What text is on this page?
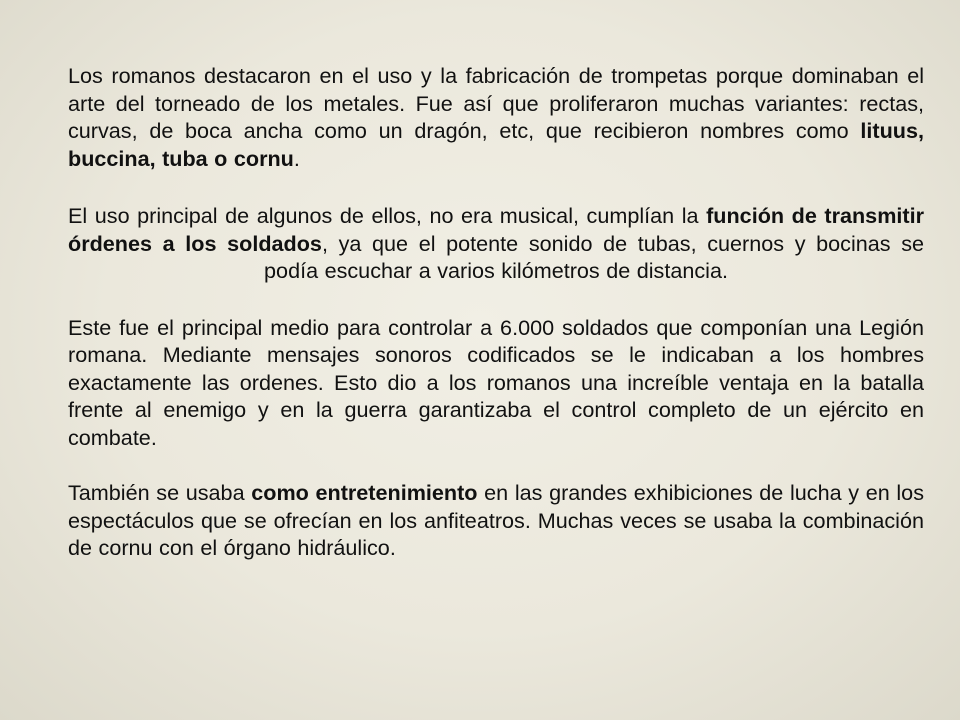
Los romanos destacaron en el uso y la fabricación de trompetas porque dominaban el arte del torneado de los metales. Fue así que proliferaron muchas variantes: rectas, curvas, de boca ancha como un dragón, etc, que recibieron nombres como lituus, buccina, tuba o cornu.

El uso principal de algunos de ellos, no era musical, cumplían la función de transmitir órdenes a los soldados, ya que el potente sonido de tubas, cuernos y bocinas se podía escuchar a varios kilómetros de distancia.

Este fue el principal medio para controlar a 6.000 soldados que componían una Legión romana. Mediante mensajes sonoros codificados se le indicaban a los hombres exactamente las ordenes. Esto dio a los romanos una increíble ventaja en la batalla frente al enemigo y en la guerra garantizaba el control completo de un ejército en combate.

También se usaba como entretenimiento en las grandes exhibiciones de lucha y en los espectáculos que se ofrecían en los anfiteatros. Muchas veces se usaba la combinación de cornu con el órgano hidráulico.
